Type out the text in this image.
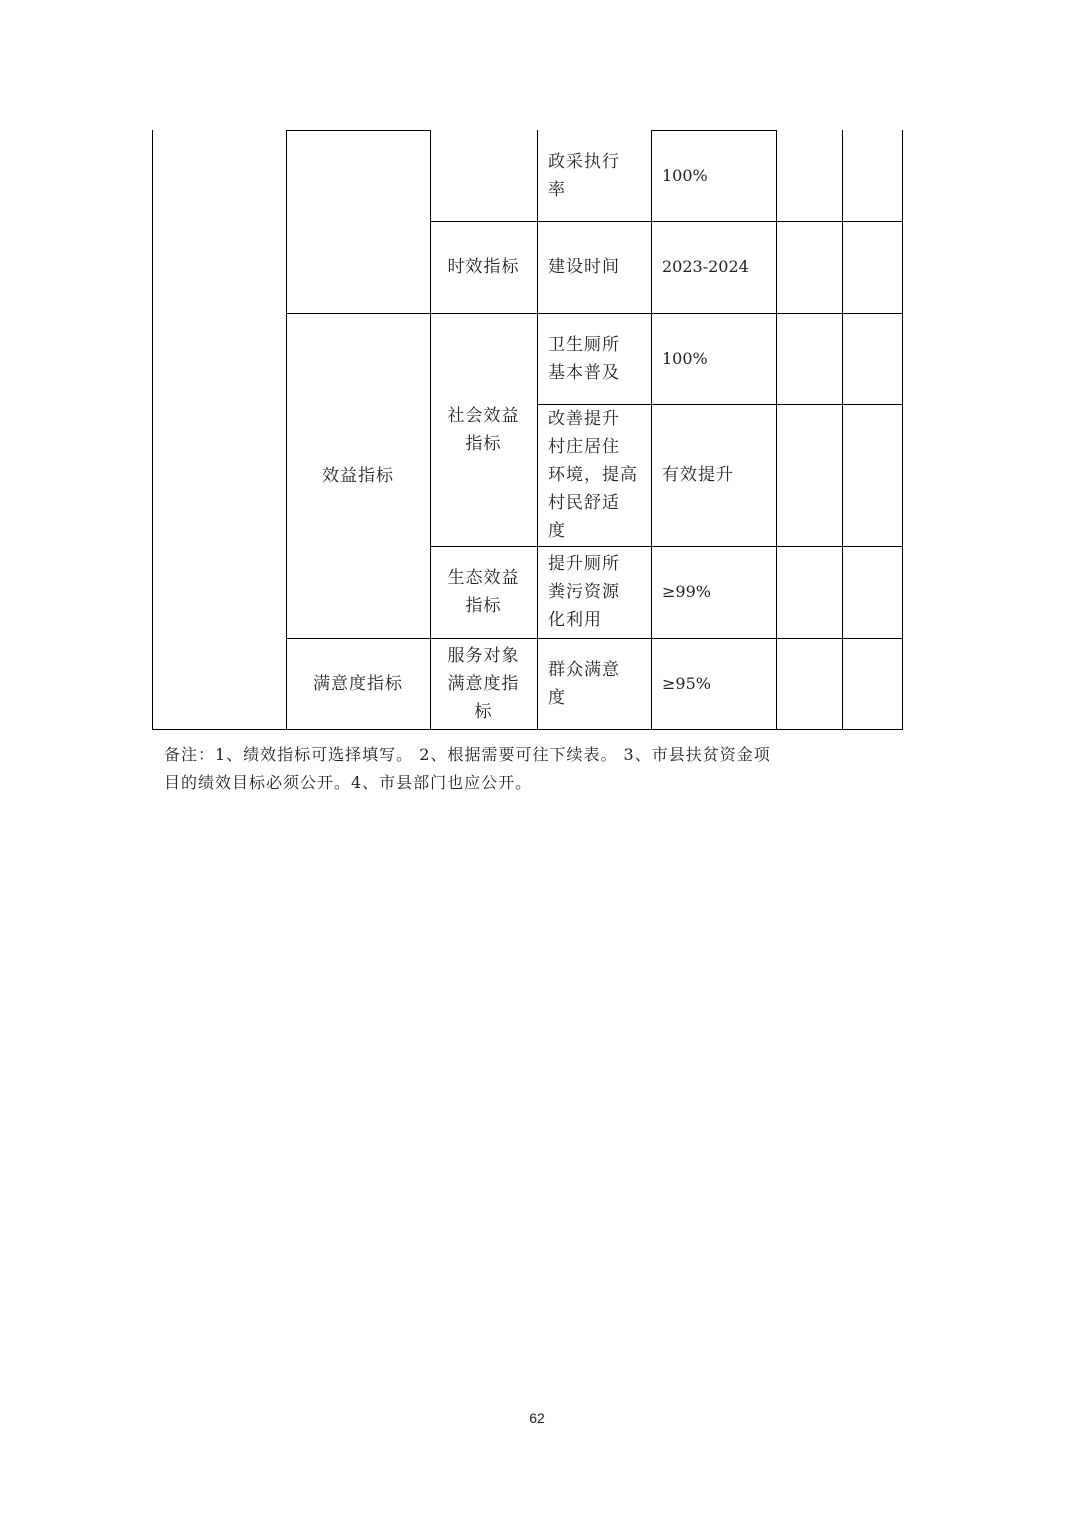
政采执行
率
100%
时效指标 建设时间	2023-2024
效益指标
社会效益
指标
卫生厕所
基本普及
100%
改善提升
村庄居住
环境，提高
村民舒适
度
有效提升
生态效益
指标
提升厕所
粪污资源
化利用
≥99%
满意度指标
服务对象
满意度指
标
群众满意
度
≥95%
备注：1、绩效指标可选择填写。 2、根据需要可往下续表。 3、市县扶贫资金项
目的绩效目标必须公开。4、市县部门也应公开。
62
